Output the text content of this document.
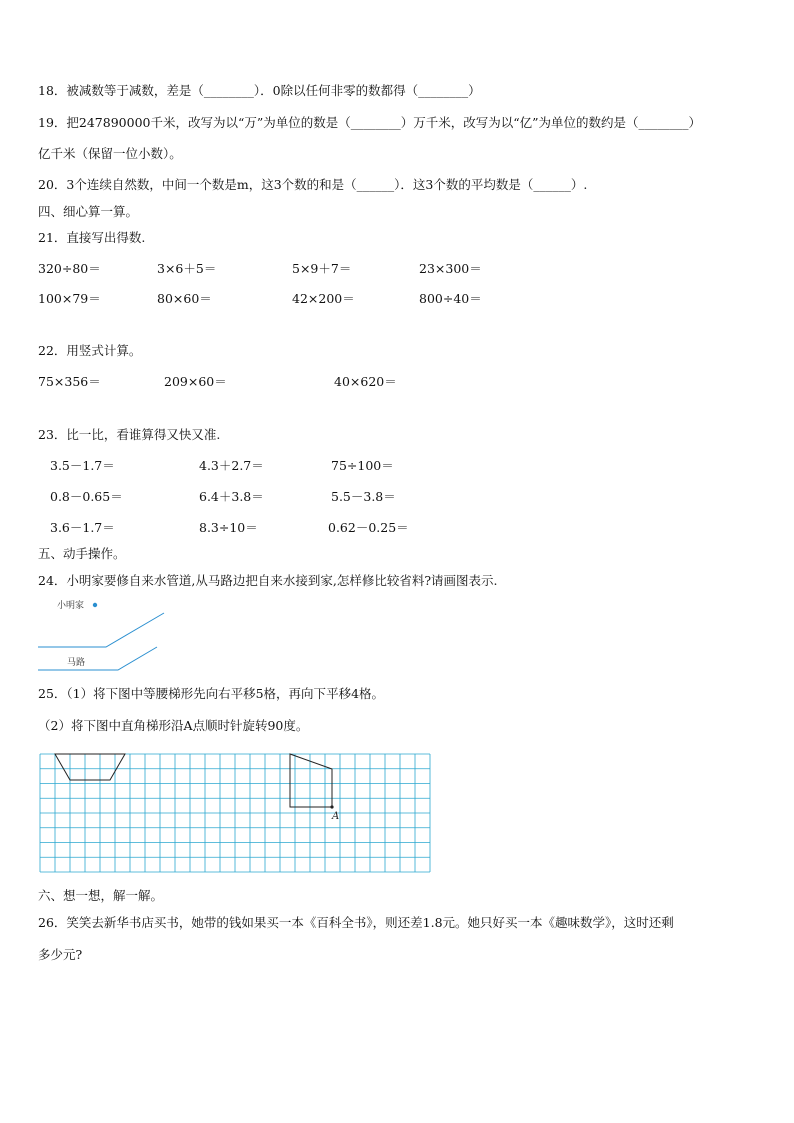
18．被减数等于减数，差是（________）．0除以任何非零的数都得（________）
19．把247890000千米，改写为以“万”为单位的数是（________）万千米，改写为以“亿”为单位的数约是（________）
亿千米（保留一位小数）。
20．3个连续自然数，中间一个数是m，这3个数的和是（______）．这3个数的平均数是（______）.
四、细心算一算。
21．直接写出得数.
320÷80＝	3×6＋5＝	5×9＋7＝	23×300＝
100×79＝	80×60＝	42×200＝	800÷40＝
22．用竖式计算。
75×356＝	209×60＝	40×620＝
23．比一比，看谁算得又快又准.
3.5－1.7＝	4.3＋2.7＝	75÷100＝
0.8－0.65＝	6.4＋3.8＝	5.5－3.8＝
3.6－1.7＝	8.3÷10＝	0.62－0.25＝
五、动手操作。
24．小明家要修自来水管道,从马路边把自来水接到家,怎样修比较省料?请画图表示.
小明家
马路
25．（1）将下图中等腰梯形先向右平移5格，再向下平移4格。
（2）将下图中直角梯形沿A点顺时针旋转90度。
A
六、想一想，解一解。
26．笑笑去新华书店买书，她带的钱如果买一本《百科全书》，则还差1.8元。她只好买一本《趣味数学》，这时还剩
多少元?
